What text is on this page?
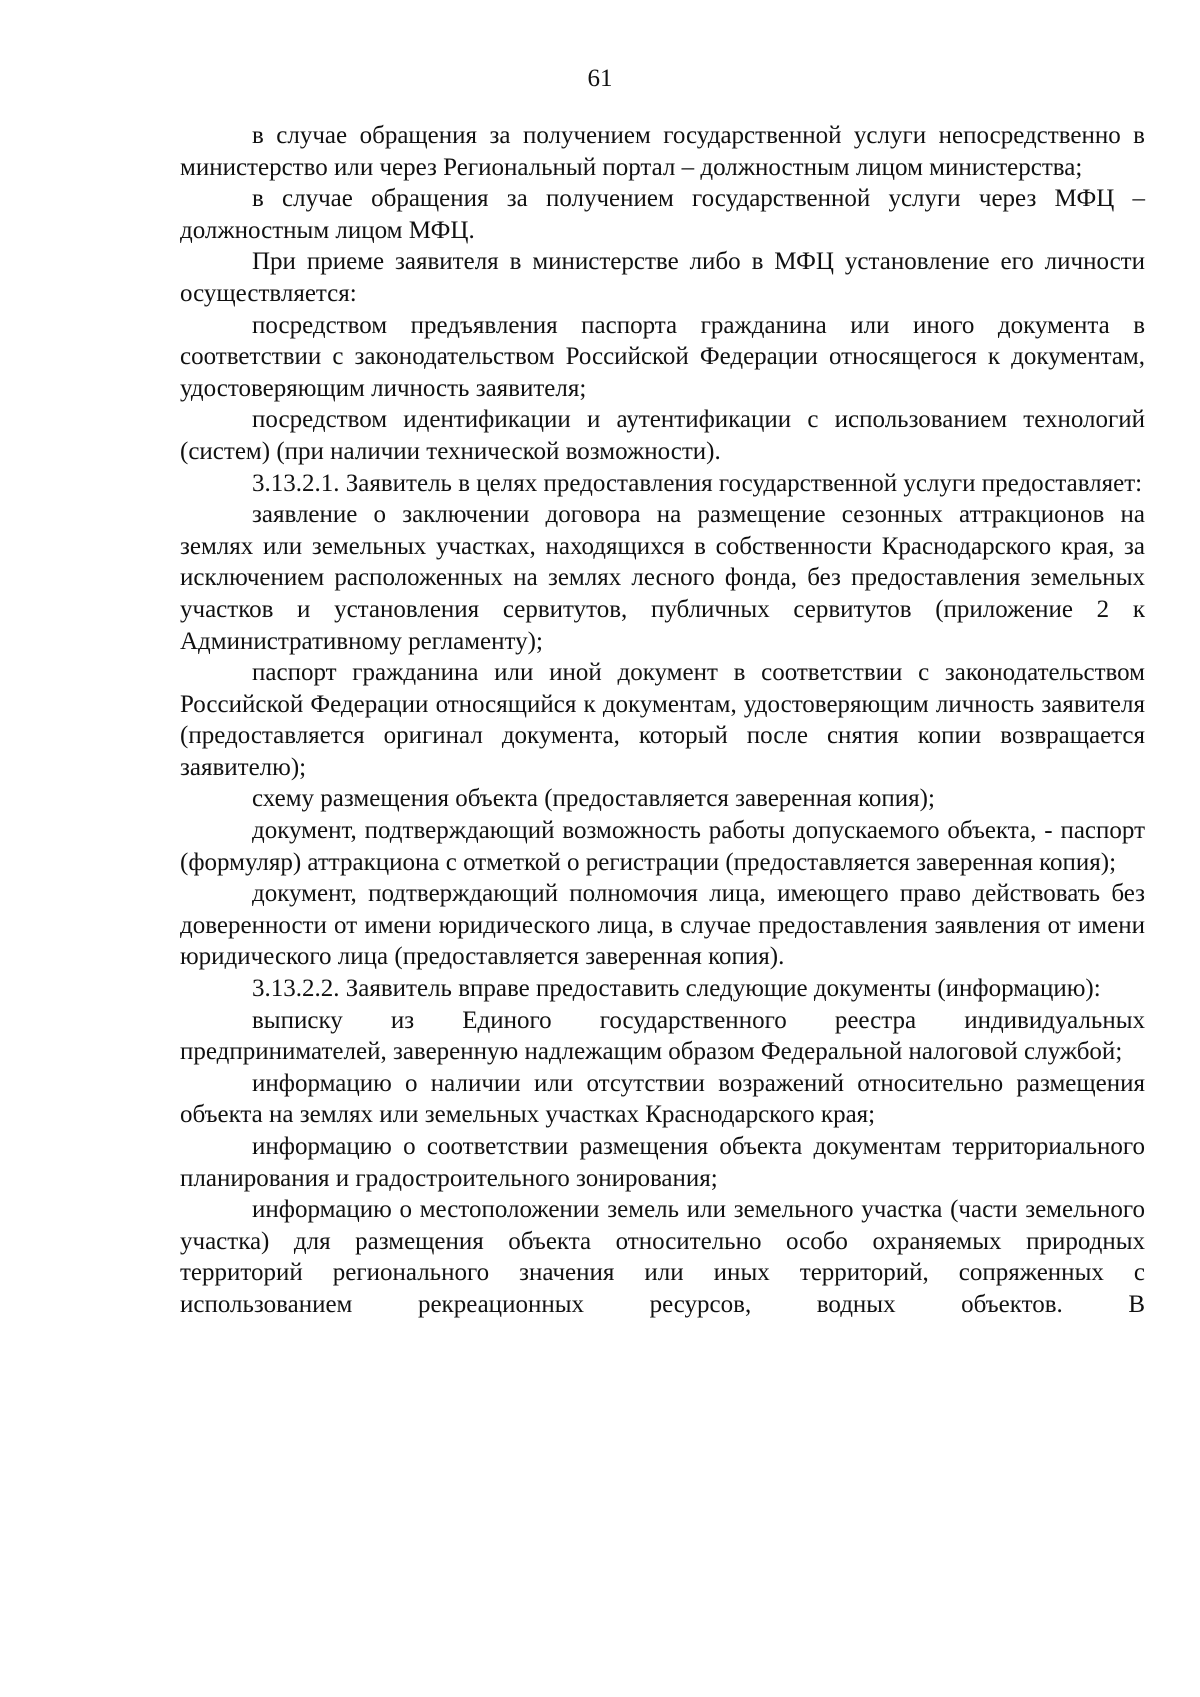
61

в случае обращения за получением государственной услуги непосредственно в министерство или через Региональный портал – должностным лицом министерства;

в случае обращения за получением государственной услуги через МФЦ – должностным лицом МФЦ.

При приеме заявителя в министерстве либо в МФЦ установление его личности осуществляется:

посредством предъявления паспорта гражданина или иного документа в соответствии с законодательством Российской Федерации относящегося к документам, удостоверяющим личность заявителя;

посредством идентификации и аутентификации с использованием технологий (систем) (при наличии технической возможности).

3.13.2.1. Заявитель в целях предоставления государственной услуги предоставляет:

заявление о заключении договора на размещение сезонных аттракционов на землях или земельных участках, находящихся в собственности Краснодарского края, за исключением расположенных на землях лесного фонда, без предоставления земельных участков и установления сервитутов, публичных сервитутов (приложение 2 к Административному регламенту);

паспорт гражданина или иной документ в соответствии с законодательством Российской Федерации относящийся к документам, удостоверяющим личность заявителя (предоставляется оригинал документа, который после снятия копии возвращается заявителю);

схему размещения объекта (предоставляется заверенная копия);

документ, подтверждающий возможность работы допускаемого объекта, - паспорт (формуляр) аттракциона с отметкой о регистрации (предоставляется заверенная копия);

документ, подтверждающий полномочия лица, имеющего право действовать без доверенности от имени юридического лица, в случае предоставления заявления от имени юридического лица (предоставляется заверенная копия).

3.13.2.2. Заявитель вправе предоставить следующие документы (информацию):

выписку из Единого государственного реестра индивидуальных предпринимателей, заверенную надлежащим образом Федеральной налоговой службой;

информацию о наличии или отсутствии возражений относительно размещения объекта на землях или земельных участках Краснодарского края;

информацию о соответствии размещения объекта документам территориального планирования и градостроительного зонирования;

информацию о местоположении земель или земельного участка (части земельного участка) для размещения объекта относительно особо охраняемых природных территорий регионального значения или иных территорий, сопряженных с использованием рекреационных ресурсов, водных объектов. В
